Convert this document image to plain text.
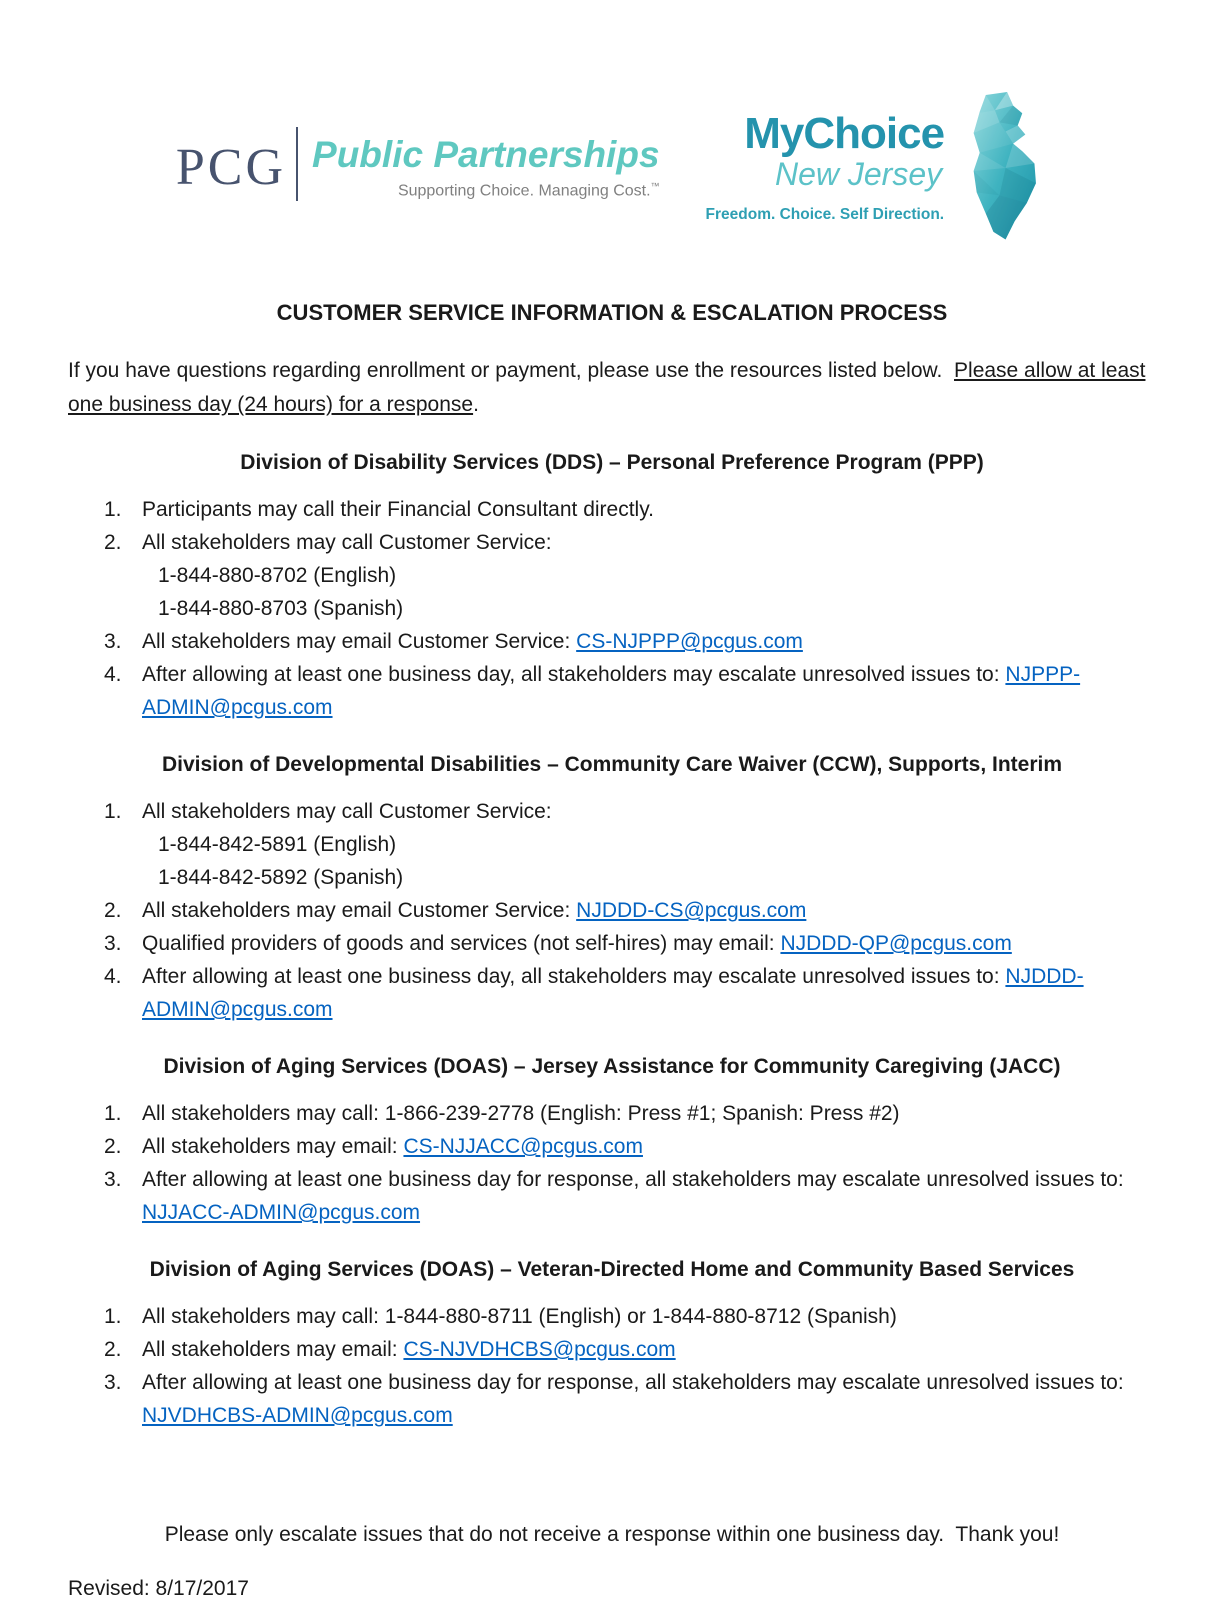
PCG Public Partnerships
Supporting Choice. Managing Cost.™
MyChoice
New Jersey
Freedom. Choice. Self Direction.
CUSTOMER SERVICE INFORMATION & ESCALATION PROCESS

If you have questions regarding enrollment or payment, please use the resources listed below.  Please allow at least one business day (24 hours) for a response.

Division of Disability Services (DDS) – Personal Preference Program (PPP)
1. Participants may call their Financial Consultant directly.
2. All stakeholders may call Customer Service:
1-844-880-8702 (English)
1-844-880-8703 (Spanish)
3. All stakeholders may email Customer Service: CS-NJPPP@pcgus.com
4. After allowing at least one business day, all stakeholders may escalate unresolved issues to: NJPPP-ADMIN@pcgus.com
Division of Developmental Disabilities – Community Care Waiver (CCW), Supports, Interim
1. All stakeholders may call Customer Service:
1-844-842-5891 (English)
1-844-842-5892 (Spanish)
2. All stakeholders may email Customer Service: NJDDD-CS@pcgus.com
3. Qualified providers of goods and services (not self-hires) may email: NJDDD-QP@pcgus.com
4. After allowing at least one business day, all stakeholders may escalate unresolved issues to: NJDDD-ADMIN@pcgus.com
Division of Aging Services (DOAS) – Jersey Assistance for Community Caregiving (JACC)
1. All stakeholders may call: 1-866-239-2778 (English: Press #1; Spanish: Press #2)
2. All stakeholders may email: CS-NJJACC@pcgus.com
3. After allowing at least one business day for response, all stakeholders may escalate unresolved issues to: NJJACC-ADMIN@pcgus.com
Division of Aging Services (DOAS) – Veteran-Directed Home and Community Based Services
1. All stakeholders may call: 1-844-880-8711 (English) or 1-844-880-8712 (Spanish)
2. All stakeholders may email: CS-NJVDHCBS@pcgus.com
3. After allowing at least one business day for response, all stakeholders may escalate unresolved issues to: NJVDHCBS-ADMIN@pcgus.com

Please only escalate issues that do not receive a response within one business day.  Thank you!

Revised: 8/17/2017
